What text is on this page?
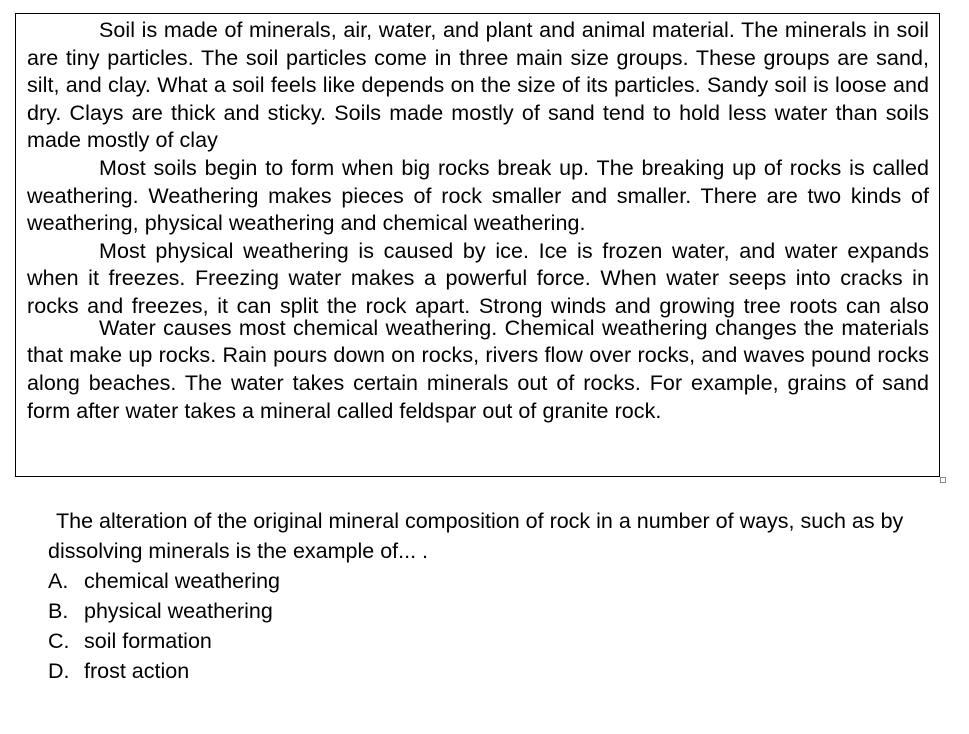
Soil is made of minerals, air, water, and plant and animal material. The minerals in soil are tiny particles. The soil particles come in three main size groups. These groups are sand, silt, and clay. What a soil feels like depends on the size of its particles. Sandy soil is loose and dry. Clays are thick and sticky. Soils made mostly of sand tend to hold less water than soils made mostly of clay

Most soils begin to form when big rocks break up. The breaking up of rocks is called weathering. Weathering makes pieces of rock smaller and smaller. There are two kinds of weathering, physical weathering and chemical weathering.

Most physical weathering is caused by ice. Ice is frozen water, and water expands when it freezes. Freezing water makes a powerful force. When water seeps into cracks in rocks and freezes, it can split the rock apart. Strong winds and growing tree roots can also

Water causes most chemical weathering. Chemical weathering changes the materials that make up rocks. Rain pours down on rocks, rivers flow over rocks, and waves pound rocks along beaches. The water takes certain minerals out of rocks. For example, grains of sand form after water takes a mineral called feldspar out of granite rock.

The alteration of the original mineral composition of rock in a number of ways, such as by dissolving minerals is the example of... .

A. chemical weathering
B. physical weathering
C. soil formation
D. frost action
